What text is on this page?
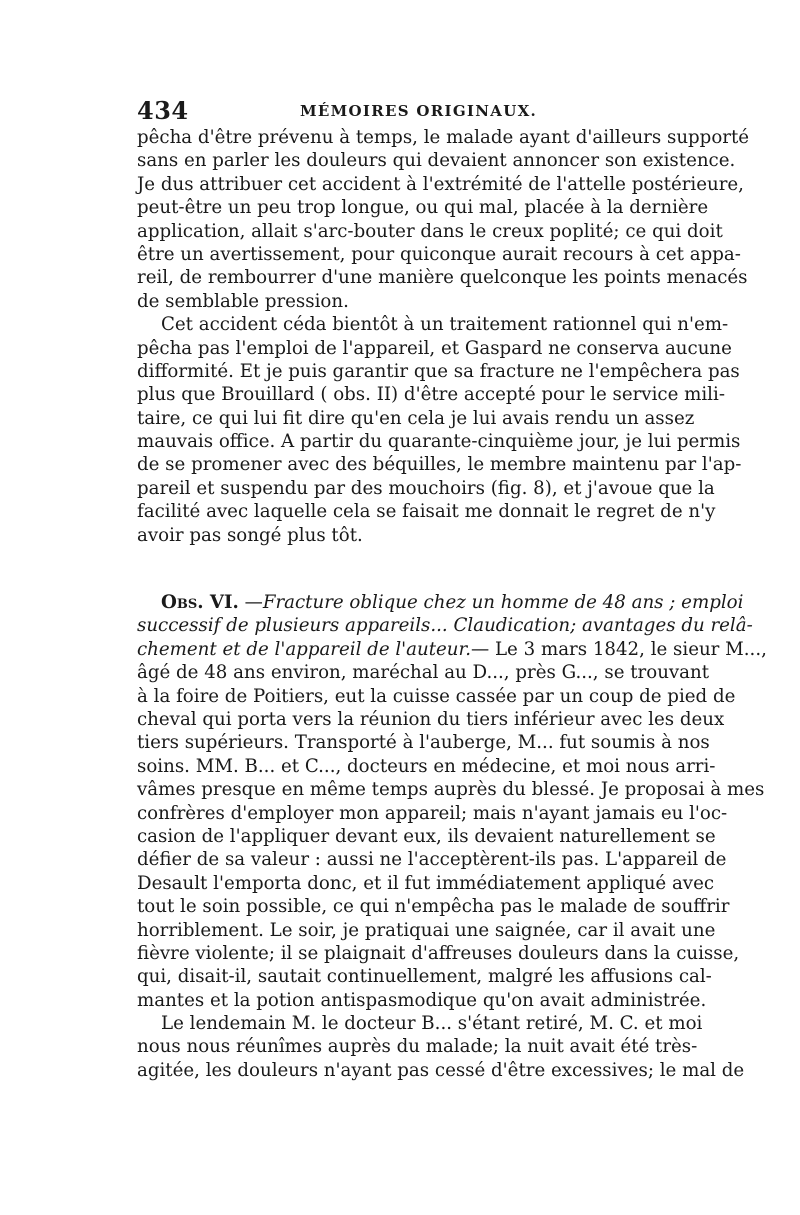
434	MÉMOIRES ORIGINAUX.
pêcha d'être prévenu à temps, le malade ayant d'ailleurs supporté
sans en parler les douleurs qui devaient annoncer son existence.
Je dus attribuer cet accident à l'extrémité de l'attelle postérieure,
peut-être un peu trop longue, ou qui mal, placée à la dernière
application, allait s'arc-bouter dans le creux poplité; ce qui doit
être un avertissement, pour quiconque aurait recours à cet appa-
reil, de rembourrer d'une manière quelconque les points menacés
de semblable pression.
Cet accident céda bientôt à un traitement rationnel qui n'em-
pêcha pas l'emploi de l'appareil, et Gaspard ne conserva aucune
difformité. Et je puis garantir que sa fracture ne l'empêchera pas
plus que Brouillard ( obs. II) d'être accepté pour le service mili-
taire, ce qui lui fit dire qu'en cela je lui avais rendu un assez
mauvais office. A partir du quarante-cinquième jour, je lui permis
de se promener avec des béquilles, le membre maintenu par l'ap-
pareil et suspendu par des mouchoirs (fig. 8), et j'avoue que la
facilité avec laquelle cela se faisait me donnait le regret de n'y
avoir pas songé plus tôt.
Obs. VI. — Fracture oblique chez un homme de 48 ans ; emploi
successif de plusieurs appareils... Claudication; avantages du relâ-
chement et de l'appareil de l'auteur. — Le 3 mars 1842, le sieur M...,
âgé de 48 ans environ, maréchal au D..., près G..., se trouvant
à la foire de Poitiers, eut la cuisse cassée par un coup de pied de
cheval qui porta vers la réunion du tiers inférieur avec les deux
tiers supérieurs. Transporté à l'auberge, M... fut soumis à nos
soins. MM. B... et C..., docteurs en médecine, et moi nous arri-
vâmes presque en même temps auprès du blessé. Je proposai à mes
confrères d'employer mon appareil; mais n'ayant jamais eu l'oc-
casion de l'appliquer devant eux, ils devaient naturellement se
défier de sa valeur : aussi ne l'acceptèrent-ils pas. L'appareil de
Desault l'emporta donc, et il fut immédiatement appliqué avec
tout le soin possible, ce qui n'empêcha pas le malade de souffrir
horriblement. Le soir, je pratiquai une saignée, car il avait une
fièvre violente; il se plaignait d'affreuses douleurs dans la cuisse,
qui, disait-il, sautait continuellement, malgré les affusions cal-
mantes et la potion antispasmodique qu'on avait administrée.
Le lendemain M. le docteur B... s'étant retiré, M. C. et moi
nous nous réunîmes auprès du malade; la nuit avait été très-
agitée, les douleurs n'ayant pas cessé d'être excessives; le mal de
